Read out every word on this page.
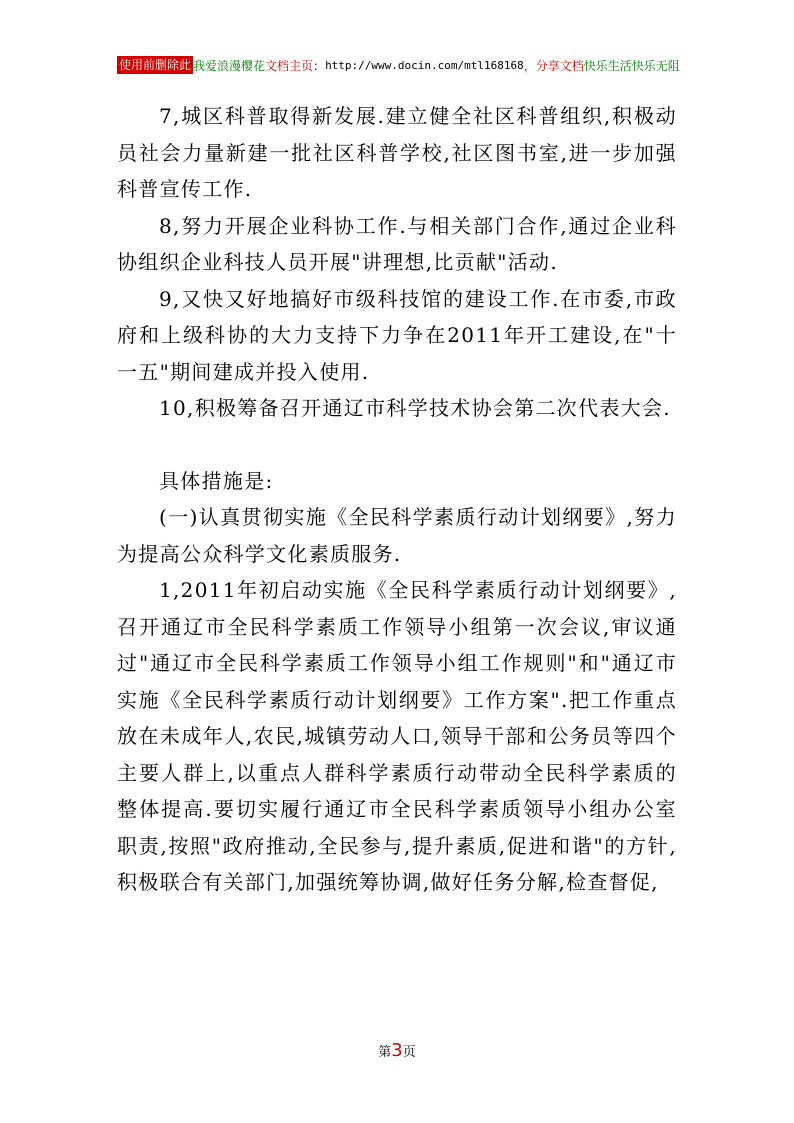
使用前删除此 我爱浪漫樱花 文档主页 ： http://www.docin.com/mtl168168 ， 分享文档 快乐生活快乐无阻

7,城区科普取得新发展.建立健全社区科普组织,积极动员社会力量新建一批社区科普学校,社区图书室,进一步加强科普宣传工作.

8,努力开展企业科协工作.与相关部门合作,通过企业科协组织企业科技人员开展"讲理想,比贡献"活动.

9,又快又好地搞好市级科技馆的建设工作.在市委,市政府和上级科协的大力支持下力争在2011年开工建设,在"十一五"期间建成并投入使用.

10,积极筹备召开通辽市科学技术协会第二次代表大会.

具体措施是:

(一)认真贯彻实施《全民科学素质行动计划纲要》,努力为提高公众科学文化素质服务.

1,2011年初启动实施《全民科学素质行动计划纲要》,召开通辽市全民科学素质工作领导小组第一次会议,审议通过"通辽市全民科学素质工作领导小组工作规则"和"通辽市实施《全民科学素质行动计划纲要》工作方案".把工作重点放在未成年人,农民,城镇劳动人口,领导干部和公务员等四个主要人群上,以重点人群科学素质行动带动全民科学素质的整体提高.要切实履行通辽市全民科学素质领导小组办公室职责,按照"政府推动,全民参与,提升素质,促进和谐"的方针,积极联合有关部门,加强统筹协调,做好任务分解,检查督促,

第3页
